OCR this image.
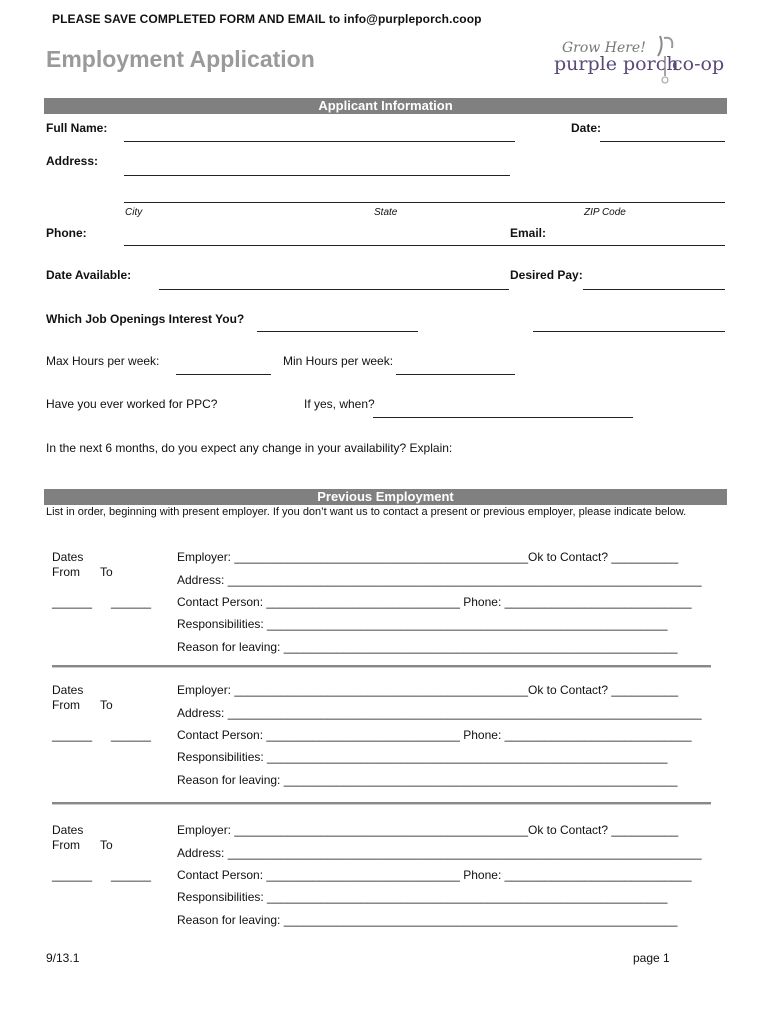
PLEASE SAVE COMPLETED FORM AND EMAIL to info@purpleporch.coop
Employment Application	Grow Here!
purple porch
co-op
Applicant Information
Full Name:	Date:
Address:
City	State	ZIP Code
Phone:	Email:
Date Available:	Desired Pay:
Which Job Openings Interest You?
Max Hours per week:	Min Hours per week:
Have you ever worked for PPC?	If yes, when?
In the next 6 months, do you expect any change in your availability? Explain:
Previous Employment
List in order, beginning with present employer. If you don’t want us to contact a present or previous employer, please indicate below.
Dates
From To
______ ______
Employer: ____________________________________________Ok to Contact? __________
Address: _______________________________________________________________________
Contact Person: _____________________________ Phone: ____________________________
Responsibilities: ____________________________________________________________
Reason for leaving: ___________________________________________________________
Dates
From To
______ ______
Employer: ____________________________________________Ok to Contact? __________
Address: _______________________________________________________________________
Contact Person: _____________________________ Phone: ____________________________
Responsibilities: ____________________________________________________________
Reason for leaving: ___________________________________________________________
Dates
From To
______ ______
Employer: ____________________________________________Ok to Contact? __________
Address: _______________________________________________________________________
Contact Person: _____________________________ Phone: ____________________________
Responsibilities: ____________________________________________________________
Reason for leaving: ___________________________________________________________
9/13.1	page 1
